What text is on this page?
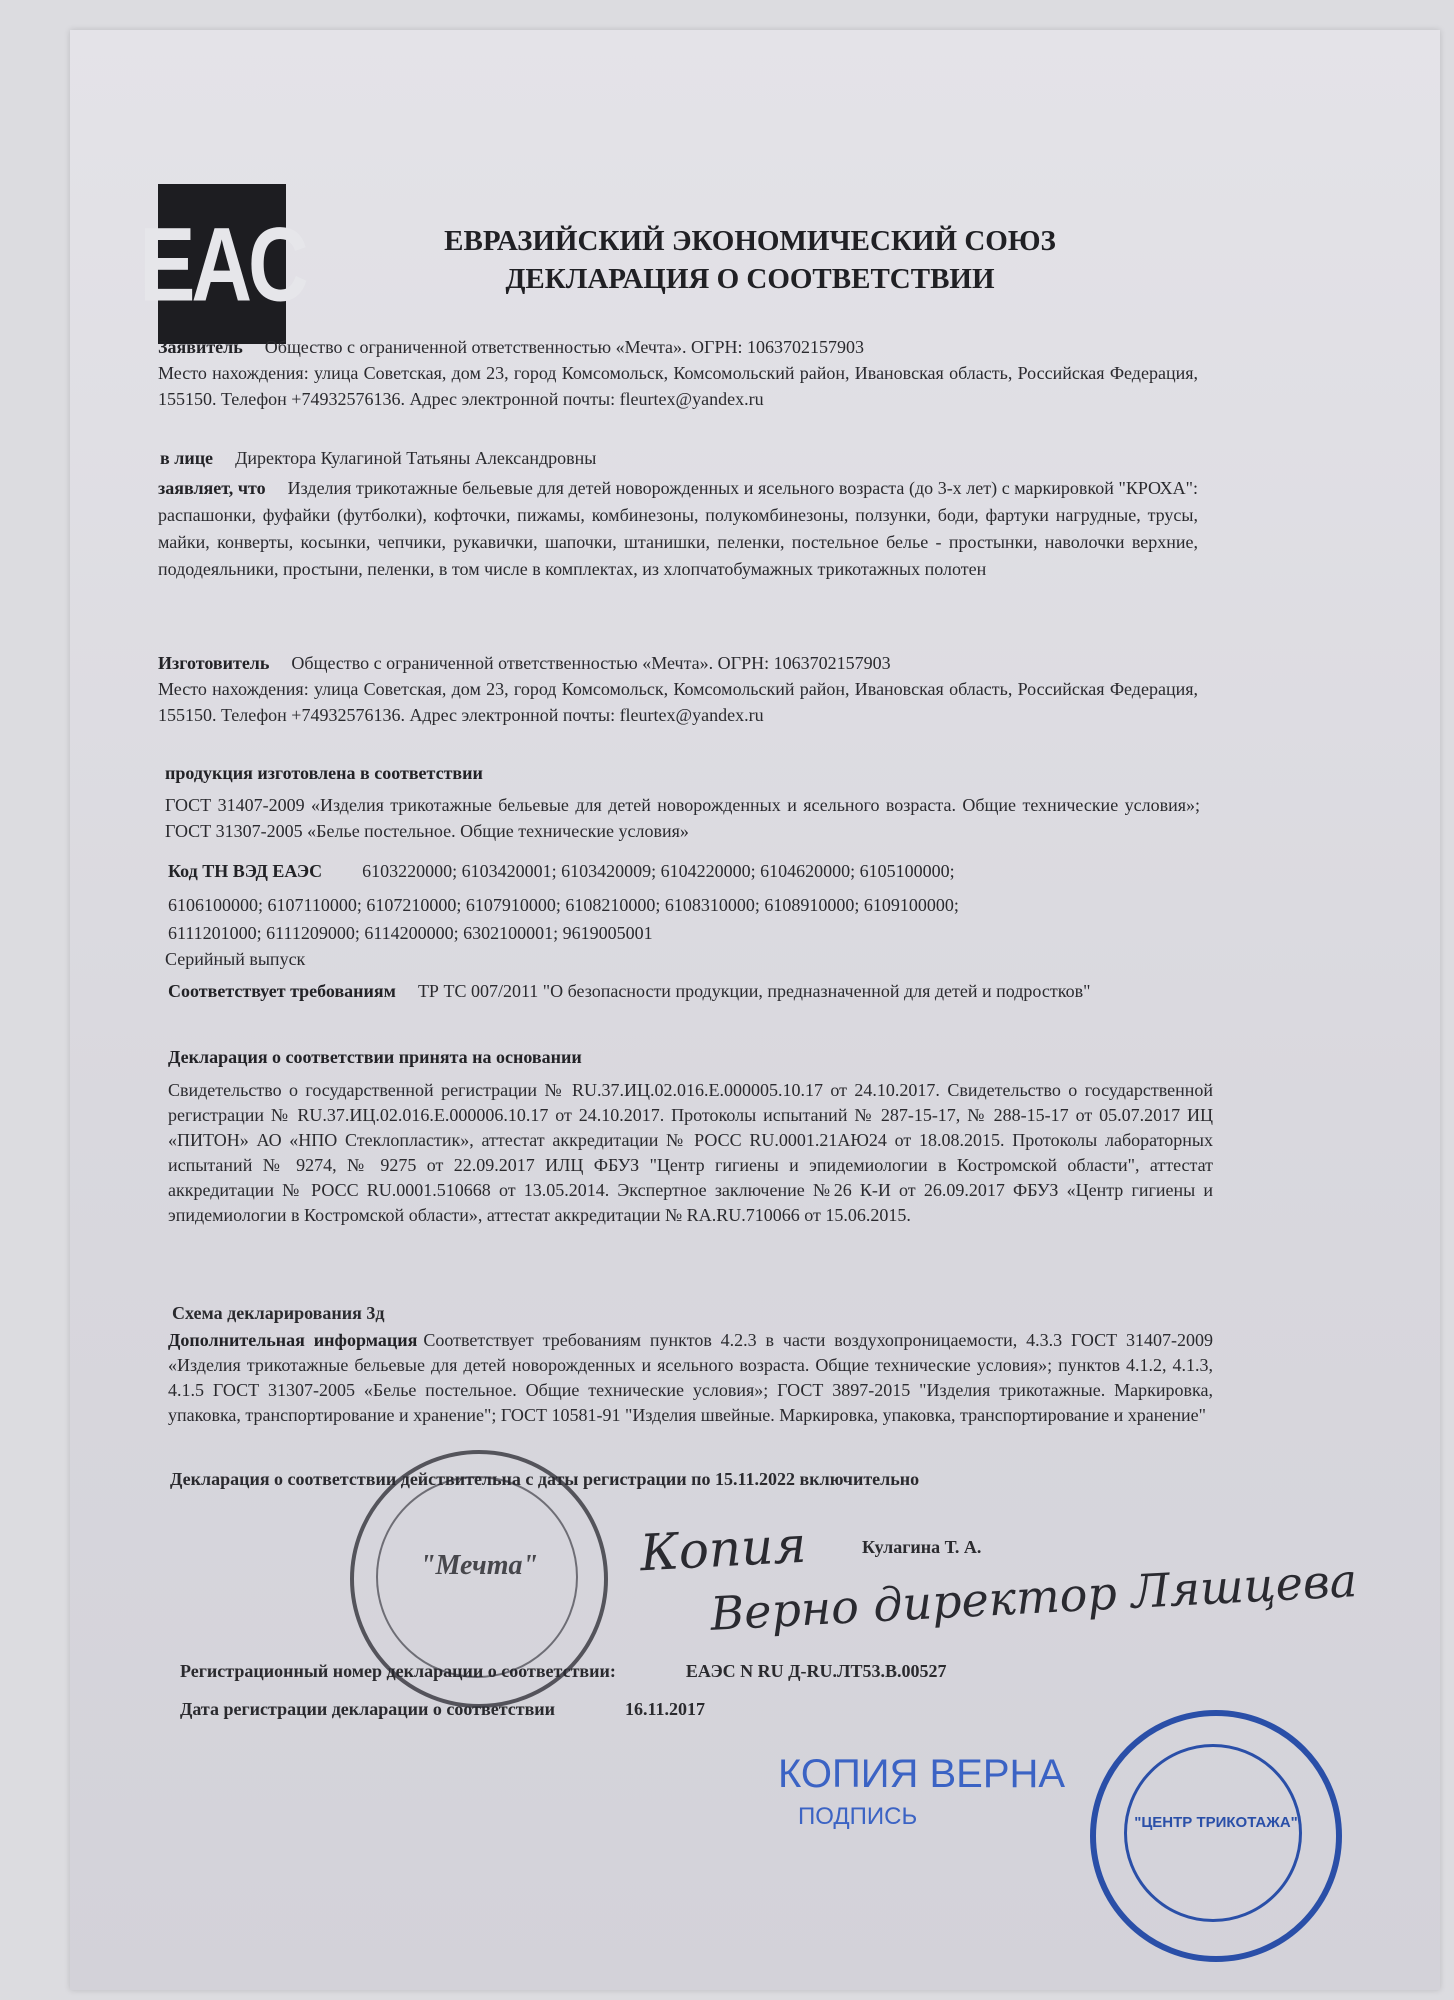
EAC	ЕВРАЗИЙСКИЙ ЭКОНОМИЧЕСКИЙ СОЮЗ
ДЕКЛАРАЦИЯ О СООТВЕТСТВИИ
Заявитель Общество с ограниченной ответственностью «Мечта». ОГРН: 1063702157903
Место нахождения: улица Советская, дом 23, город Комсомольск, Комсомольский район, Ивановская область, Российская Федерация, 155150. Телефон +74932576136. Адрес электронной почты: fleurtex@yandex.ru
в лице Директора Кулагиной Татьяны Александровны
заявляет, что Изделия трикотажные бельевые для детей новорожденных и ясельного возраста (до 3-х лет) с маркировкой "КРОХА": распашонки, фуфайки (футболки), кофточки, пижамы, комбинезоны, полукомбинезоны, ползунки, боди, фартуки нагрудные, трусы, майки, конверты, косынки, чепчики, рукавички, шапочки, штанишки, пеленки, постельное белье - простынки, наволочки верхние, пододеяльники, простыни, пеленки, в том числе в комплектах, из хлопчатобумажных трикотажных полотен
Изготовитель Общество с ограниченной ответственностью «Мечта». ОГРН: 1063702157903
Место нахождения: улица Советская, дом 23, город Комсомольск, Комсомольский район, Ивановская область, Российская Федерация, 155150. Телефон +74932576136. Адрес электронной почты: fleurtex@yandex.ru
продукция изготовлена в соответствии
ГОСТ 31407-2009 «Изделия трикотажные бельевые для детей новорожденных и ясельного возраста. Общие технические условия»; ГОСТ 31307-2005 «Белье постельное. Общие технические условия»
Код ТН ВЭД ЕАЭС 6103220000; 6103420001; 6103420009; 6104220000; 6104620000; 6105100000;
6106100000; 6107110000; 6107210000; 6107910000; 6108210000; 6108310000; 6108910000; 6109100000;
6111201000; 6111209000; 6114200000; 6302100001; 9619005001
Серийный выпуск
Соответствует требованиям ТР ТС 007/2011 "О безопасности продукции, предназначенной для детей и подростков"
Декларация о соответствии принята на основании
Свидетельство о государственной регистрации № RU.37.ИЦ.02.016.Е.000005.10.17 от 24.10.2017. Свидетельство о государственной регистрации № RU.37.ИЦ.02.016.Е.000006.10.17 от 24.10.2017. Протоколы испытаний № 287-15-17, № 288-15-17 от 05.07.2017 ИЦ «ПИТОН» АО «НПО Стеклопластик», аттестат аккредитации № РОСС RU.0001.21АЮ24 от 18.08.2015. Протоколы лабораторных испытаний № 9274, № 9275 от 22.09.2017 ИЛЦ ФБУЗ "Центр гигиены и эпидемиологии в Костромской области", аттестат аккредитации № РОСС RU.0001.510668 от 13.05.2014. Экспертное заключение №26 К-И от 26.09.2017 ФБУЗ «Центр гигиены и эпидемиологии в Костромской области», аттестат аккредитации № RA.RU.710066 от 15.06.2015.
Схема декларирования 3д
Дополнительная информация Соответствует требованиям пунктов 4.2.3 в части воздухопроницаемости, 4.3.3 ГОСТ 31407-2009 «Изделия трикотажные бельевые для детей новорожденных и ясельного возраста. Общие технические условия»; пунктов 4.1.2, 4.1.3, 4.1.5 ГОСТ 31307-2005 «Белье постельное. Общие технические условия»; ГОСТ 3897-2015 "Изделия трикотажные. Маркировка, упаковка, транспортирование и хранение"; ГОСТ 10581-91 "Изделия швейные. Маркировка, упаковка, транспортирование и хранение"
Декларация о соответствии действительна с даты регистрации по 15.11.2022 включительно
Кулагина Т. А.
Регистрационный номер декларации о соответствии:	ЕАЭС N RU Д-RU.ЛТ53.В.00527
Дата регистрации декларации о соответствии	16.11.2017
"Мечта"	Копия
Верно директор Ляшцева
КОПИЯ ВЕРНА
ПОДПИСЬ	"ЦЕНТР ТРИКОТАЖА"
